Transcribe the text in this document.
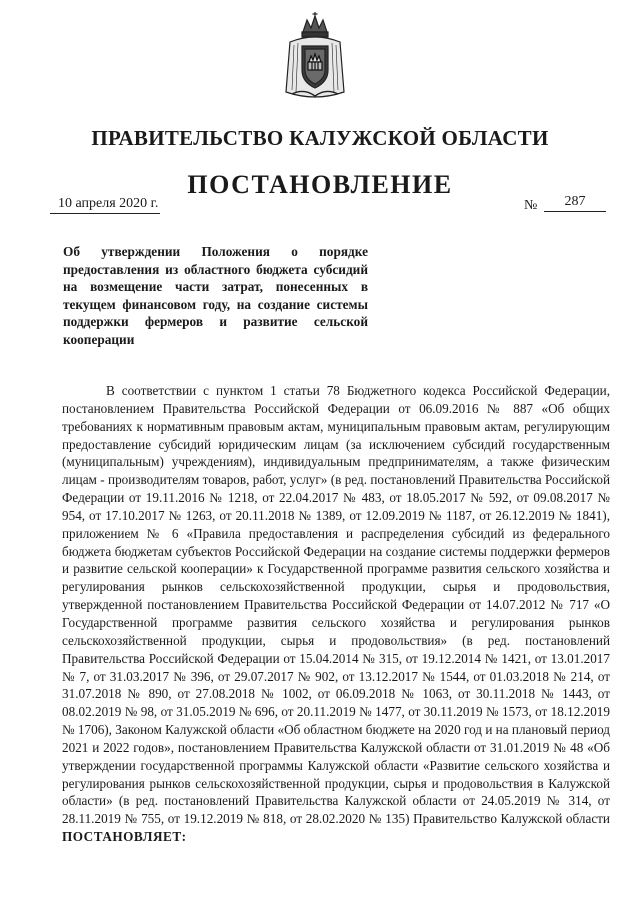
ПРАВИТЕЛЬСТВО КАЛУЖСКОЙ ОБЛАСТИ
ПОСТАНОВЛЕНИЕ
10 апреля 2020 г.	№	287
Об утверждении Положения о порядке предоставления из областного бюджета субсидий на возмещение части затрат, понесенных в текущем финансовом году, на создание системы поддержки фермеров и развитие сельской кооперации
В соответствии с пунктом 1 статьи 78 Бюджетного кодекса Российской Федерации, постановлением Правительства Российской Федерации от 06.09.2016 № 887 «Об общих требованиях к нормативным правовым актам, муниципальным правовым актам, регулирующим предоставление субсидий юридическим лицам (за исключением субсидий государственным (муниципальным) учреждениям), индивидуальным предпринимателям, а также физическим лицам - производителям товаров, работ, услуг» (в ред. постановлений Правительства Российской Федерации от 19.11.2016 № 1218, от 22.04.2017 № 483, от 18.05.2017 № 592, от 09.08.2017 № 954, от 17.10.2017 № 1263, от 20.11.2018 № 1389, от 12.09.2019 № 1187, от 26.12.2019 № 1841), приложением № 6 «Правила предоставления и распределения субсидий из федерального бюджета бюджетам субъектов Российской Федерации на создание системы поддержки фермеров и развитие сельской кооперации» к Государственной программе развития сельского хозяйства и регулирования рынков сельскохозяйственной продукции, сырья и продовольствия, утвержденной постановлением Правительства Российской Федерации от 14.07.2012 № 717 «О Государственной программе развития сельского хозяйства и регулирования рынков сельскохозяйственной продукции, сырья и продовольствия» (в ред. постановлений Правительства Российской Федерации от 15.04.2014 № 315, от 19.12.2014 № 1421, от 13.01.2017 № 7, от 31.03.2017 № 396, от 29.07.2017 № 902, от 13.12.2017 № 1544, от 01.03.2018 № 214, от 31.07.2018 № 890, от 27.08.2018 № 1002, от 06.09.2018 № 1063, от 30.11.2018 № 1443, от 08.02.2019 № 98, от 31.05.2019 № 696, от 20.11.2019 № 1477, от 30.11.2019 № 1573, от 18.12.2019 № 1706), Законом Калужской области «Об областном бюджете на 2020 год и на плановый период 2021 и 2022 годов», постановлением Правительства Калужской области от 31.01.2019 № 48 «Об утверждении государственной программы Калужской области «Развитие сельского хозяйства и регулирования рынков сельскохозяйственной продукции, сырья и продовольствия в Калужской области» (в ред. постановлений Правительства Калужской области от 24.05.2019 № 314, от 28.11.2019 № 755, от 19.12.2019 № 818, от 28.02.2020 № 135) Правительство Калужской области ПОСТАНОВЛЯЕТ:
